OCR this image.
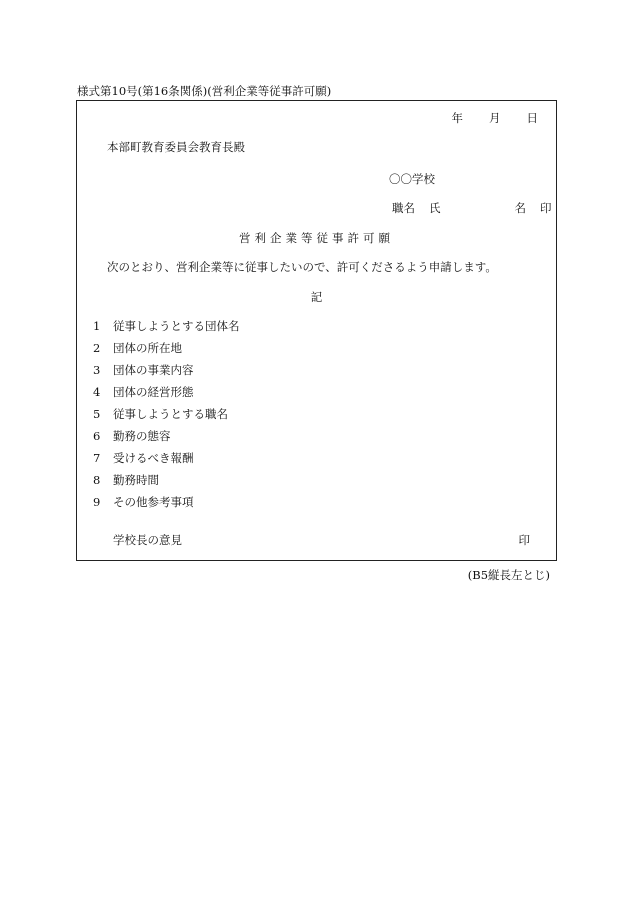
様式第10号(第16条関係)(営利企業等従事許可願)
年 月 日
本部町教育委員会教育長殿
〇〇学校
職名 氏	名 印
営利企業等従事許可願
次のとおり、営利企業等に従事したいので、許可くださるよう申請します。
記
1 従事しようとする団体名
2 団体の所在地
3 団体の事業内容
4 団体の経営形態
5 従事しようとする職名
6 勤務の態容
7 受けるべき報酬
8 勤務時間
9 その他参考事項
学校長の意見	印
(B5縦長左とじ)
